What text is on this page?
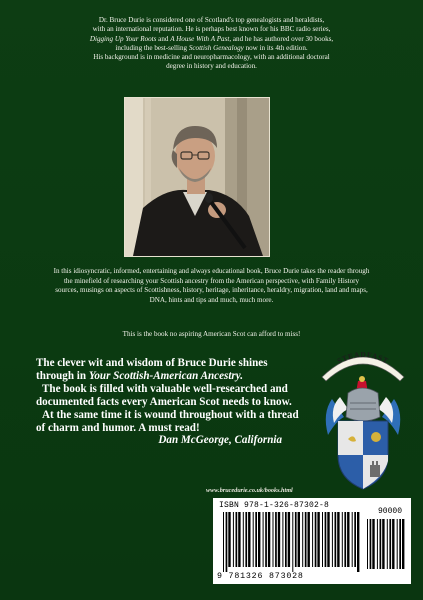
Dr. Bruce Durie is considered one of Scotland's top genealogists and heraldists,
with an international reputation. He is perhaps best known for his BBC radio series,
Digging Up Your Roots and A House With A Past, and he has authored over 30 books,
including the best-selling Scottish Genealogy now in its 4th edition.
His background is in medicine and neuropharmacology, with an additional doctoral
degree in history and education.
In this idiosyncratic, informed, entertaining and always educational book, Bruce Durie takes the reader through the minefield of researching your Scottish ancestry from the American perspective, with Family History sources, musings on aspects of Scottishness, history, heritage, inheritance, heraldry, migration, land and maps, DNA, hints and tips and much, much more.
This is the book no aspiring American Scot can afford to miss!

The clever wit and wisdom of Bruce Durie shines through in Your Scottish-American Ancestry.

The book is filled with valuable well-researched and documented facts every American Scot needs to know.

At the same time it is wound throughout with a thread of charm and humor. A must read!

Dan McGeorge, California

STEADFAST
www.brucedurie.co.uk/books.html
ISBN 978-1-326-87302-8
90000
9 781326 873028
